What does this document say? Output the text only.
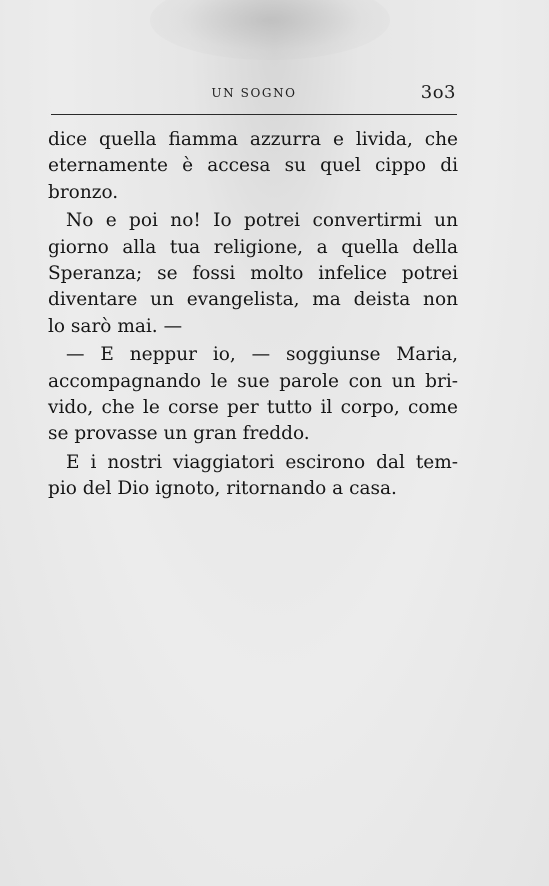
UN SOGNO	3o3

dice quella fiamma azzurra e livida, che
eternamente è accesa su quel cippo di
bronzo.

No e poi no! Io potrei convertirmi un
giorno alla tua religione, a quella della
Speranza; se fossi molto infelice potrei
diventare un evangelista, ma deista non
lo sarò mai. —

— E neppur io, — soggiunse Maria,
accompagnando le sue parole con un bri-
vido, che le corse per tutto il corpo, come
se provasse un gran freddo.

E i nostri viaggiatori escirono dal tem-
pio del Dio ignoto, ritornando a casa.
